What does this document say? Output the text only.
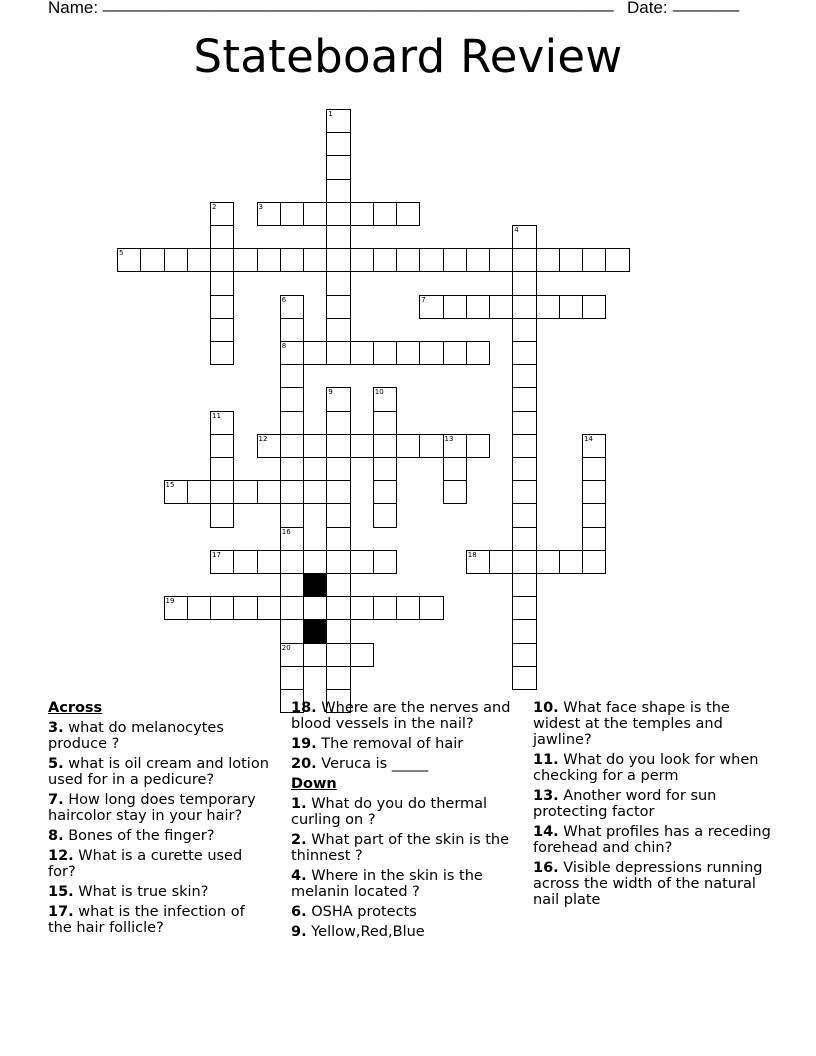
Name: ______________________________________________________ Date: _______
Stateboard Review
3
5
7
8
12	13
15
17	18
19
20
1
2
4
6
9	10
11
14
16
Across
3. what do melanocytes produce ?
5. what is oil cream and lotion used for in a pedicure?
7. How long does temporary haircolor stay in your hair?
8. Bones of the finger?
12. What is a curette used for?
15. What is true skin?
17. what is the infection of the hair follicle?
18. Where are the nerves and blood vessels in the nail?
19. The removal of hair
20. Veruca is _____
Down
1. What do you do thermal curling on ?
2. What part of the skin is the thinnest ?
4. Where in the skin is the melanin located ?
6. OSHA protects
9. Yellow,Red,Blue
10. What face shape is the widest at the temples and jawline?
11. What do you look for when checking for a perm
13. Another word for sun protecting factor
14. What profiles has a receding forehead and chin?
16. Visible depressions running across the width of the natural nail plate
